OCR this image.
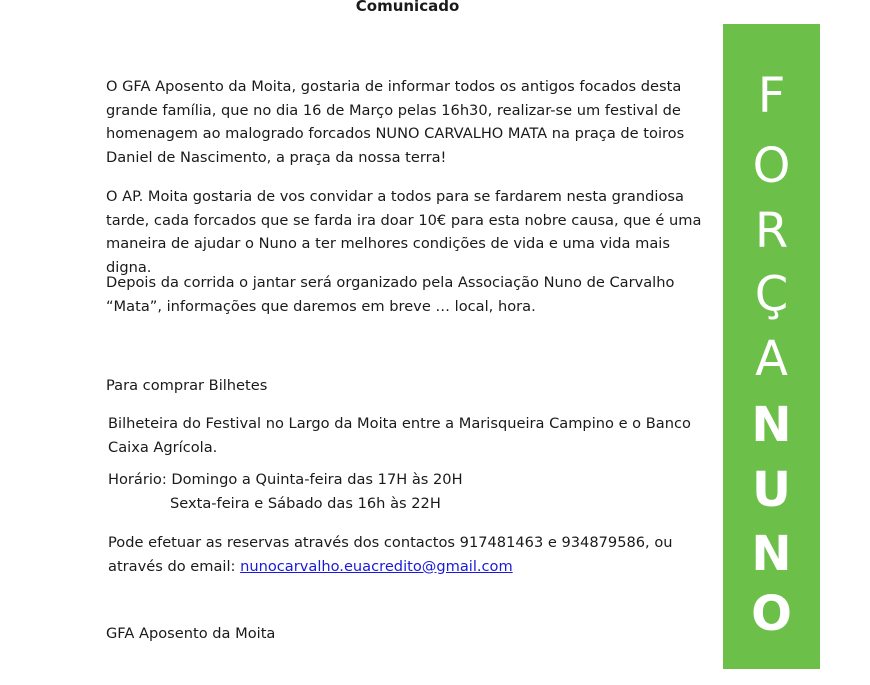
Comunicado

O GFA Aposento da Moita, gostaria de informar todos os antigos focados desta grande família, que no dia 16 de Março pelas 16h30, realizar-se um festival de homenagem ao malogrado forcados NUNO CARVALHO MATA na praça de toiros Daniel de Nascimento, a praça da nossa terra!

O AP. Moita gostaria de vos convidar a todos para se fardarem nesta grandiosa tarde, cada forcados que se farda ira doar 10€ para esta nobre causa, que é uma maneira de ajudar o Nuno a ter melhores condições de vida e uma vida mais digna.

Depois da corrida o jantar será organizado pela Associação Nuno de Carvalho “Mata”, informações que daremos em breve … local, hora.

Para comprar Bilhetes

Bilheteira do Festival no Largo da Moita entre a Marisqueira Campino e o Banco Caixa Agrícola.

Horário: Domingo a Quinta-feira das 17H às 20H
Sexta-feira e Sábado das 16h às 22H

Pode efetuar as reservas através dos contactos 917481463 e 934879586, ou através do email: nunocarvalho.euacredito@gmail.com

GFA Aposento da Moita

F
O
R
Ç
A
N
U
N
O
